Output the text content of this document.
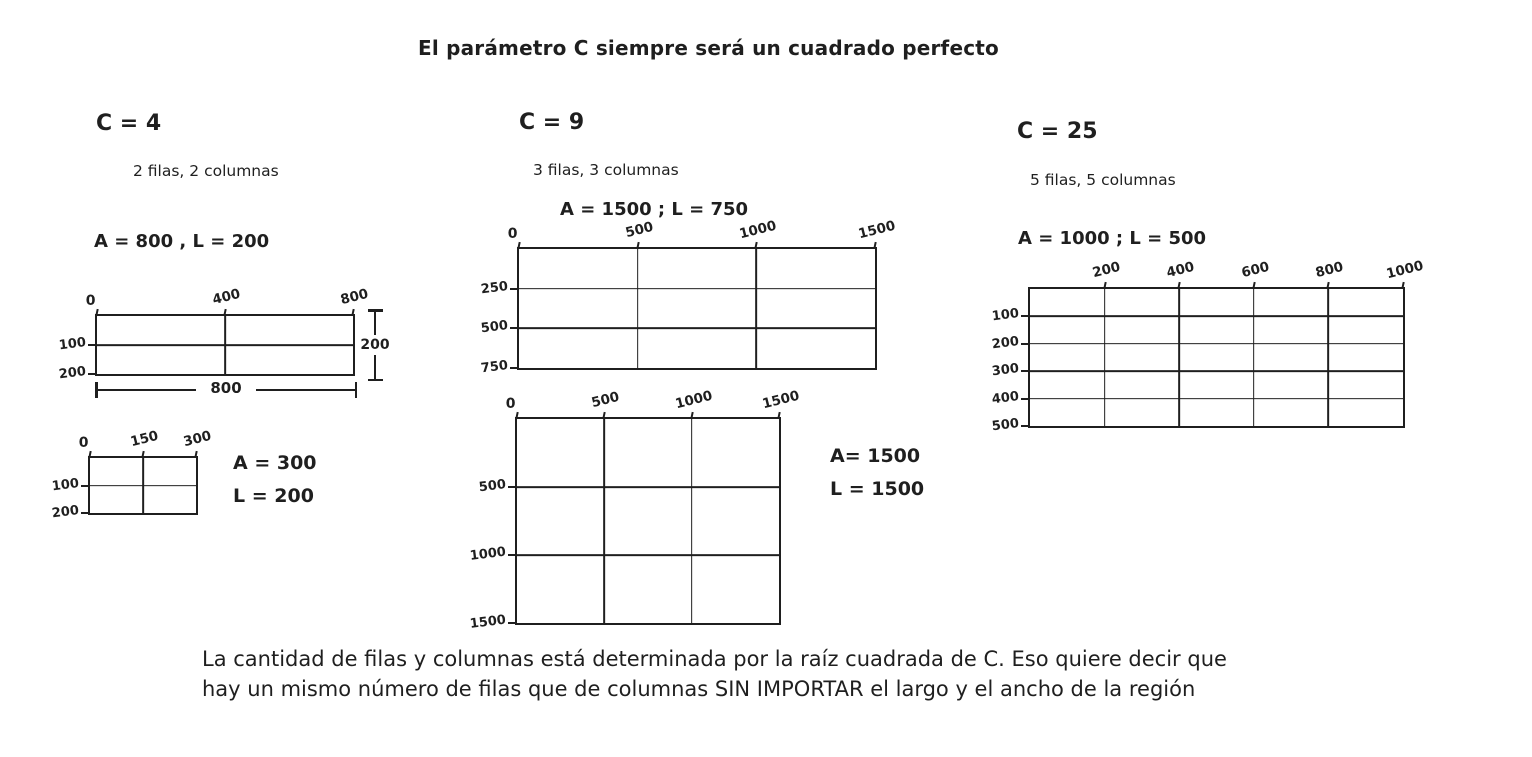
El parámetro C siempre será un cuadrado perfecto
C = 4
2 filas, 2 columnas
A = 800 , L = 200
0	400	800
100
200
200
800
0	150 300
100
200
A = 300
L = 200
C = 9
3 filas, 3 columnas
A = 1500 ; L = 750
0	500	1000	1500
250
500
750
0	500	1000	1500
500
1000
1500
A= 1500
L = 1500
C = 25
5 filas, 5 columnas
A = 1000 ; L = 500
200	400	600	800	1000
100
200
300
400
500
La cantidad de filas y columnas está determinada por la raíz cuadrada de C. Eso quiere decir que
hay un mismo número de filas que de columnas SIN IMPORTAR el largo y el ancho de la región
